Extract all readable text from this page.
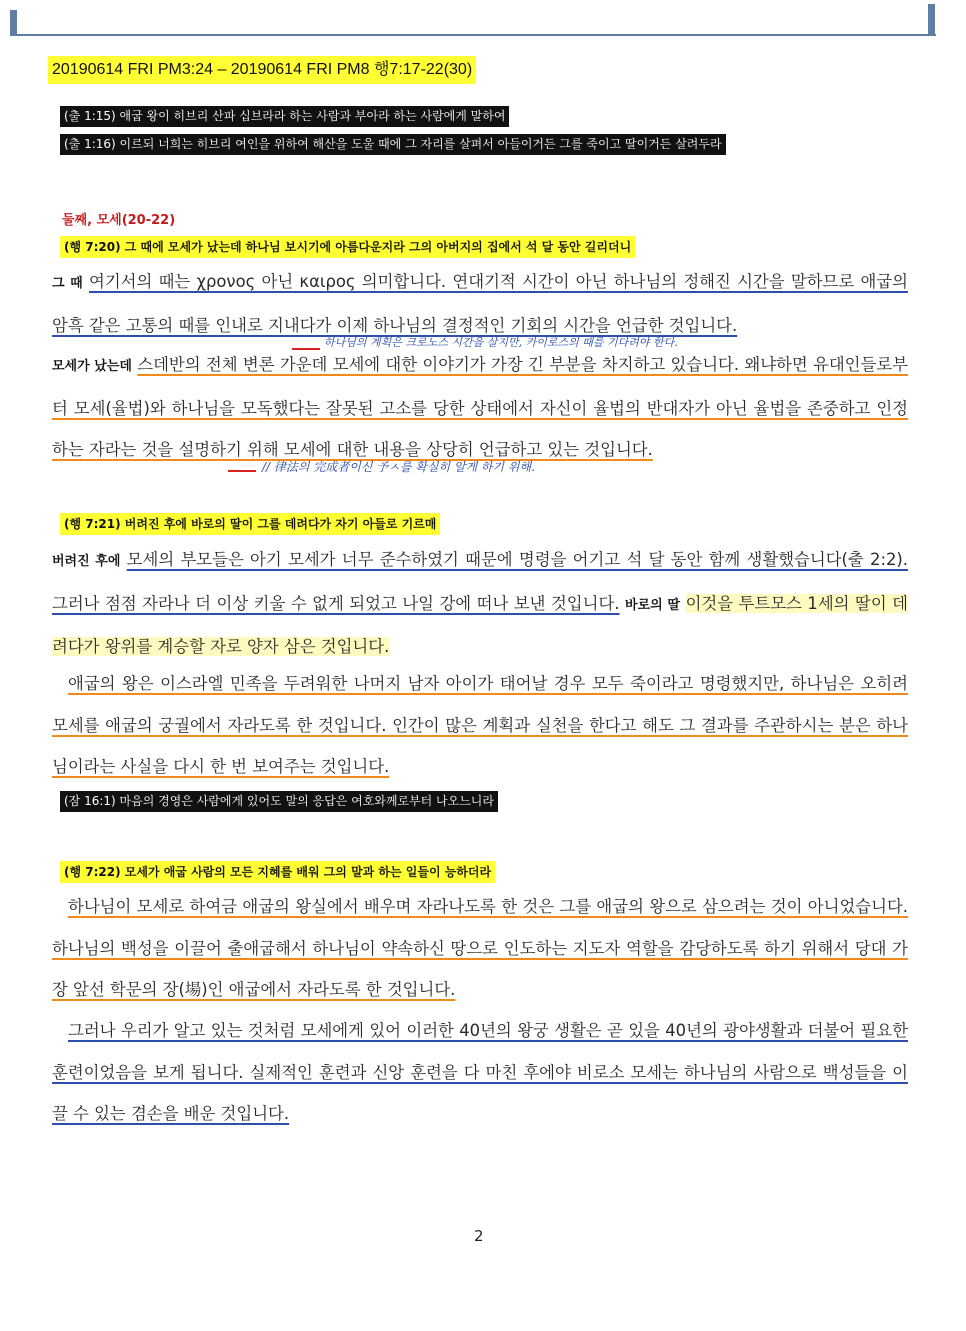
20190614 FRI PM3:24 – 20190614 FRI PM8 행7:17-22(30)
(출 1:15) 애굽 왕이 히브리 산파 십브라라 하는 사람과 부아라 하는 사람에게 말하여
(출 1:16) 이르되 너희는 히브리 여인을 위하여 해산을 도울 때에 그 자리를 살펴서 아들이거든 그를 죽이고 딸이거든 살려두라
둘째, 모세(20-22)
(행 7:20) 그 때에 모세가 났는데 하나님 보시기에 아름다운지라 그의 아버지의 집에서 석 달 동안 길리더니
그 때 여기서의 때는 χρονος 아닌 καιρος 의미합니다. 연대기적 시간이 아닌 하나님의 정해진 시간을 말하므로 애굽의 암흑 같은 고통의 때를 인내로 지내다가 이제 하나님의 결정적인 기회의 시간을 언급한 것입니다.
하나님의 계획은 크로노스 시간을 살지만, 카이로스의 때를 기다려야 한다.
모세가 났는데 스데반의 전체 변론 가운데 모세에 대한 이야기가 가장 긴 부분을 차지하고 있습니다. 왜냐하면 유대인들로부터 모세(율법)와 하나님을 모독했다는 잘못된 고소를 당한 상태에서 자신이 율법의 반대자가 아닌 율법을 존중하고 인정하는 자라는 것을 설명하기 위해 모세에 대한 내용을 상당히 언급하고 있는 것입니다.
// 律法의 完成者이신 予ㅅ를 확실히 알게 하기 위해.
(행 7:21) 버려진 후에 바로의 딸이 그를 데려다가 자기 아들로 기르매
버려진 후에 모세의 부모들은 아기 모세가 너무 준수하였기 때문에 명령을 어기고 석 달 동안 함께 생활했습니다(출 2:2). 그러나 점점 자라나 더 이상 키울 수 없게 되었고 나일 강에 떠나 보낸 것입니다. 바로의 딸 이것을 투트모스 1세의 딸이 데려다가 왕위를 계승할 자로 양자 삼은 것입니다.
애굽의 왕은 이스라엘 민족을 두려워한 나머지 남자 아이가 태어날 경우 모두 죽이라고 명령했지만, 하나님은 오히려 모세를 애굽의 궁궐에서 자라도록 한 것입니다. 인간이 많은 계획과 실천을 한다고 해도 그 결과를 주관하시는 분은 하나님이라는 사실을 다시 한 번 보여주는 것입니다.
(잠 16:1) 마음의 경영은 사람에게 있어도 말의 응답은 여호와께로부터 나오느니라
(행 7:22) 모세가 애굽 사람의 모든 지혜를 배워 그의 말과 하는 일들이 능하더라
하나님이 모세로 하여금 애굽의 왕실에서 배우며 자라나도록 한 것은 그를 애굽의 왕으로 삼으려는 것이 아니었습니다. 하나님의 백성을 이끌어 출애굽해서 하나님이 약속하신 땅으로 인도하는 지도자 역할을 감당하도록 하기 위해서 당대 가장 앞선 학문의 장(場)인 애굽에서 자라도록 한 것입니다.
그러나 우리가 알고 있는 것처럼 모세에게 있어 이러한 40년의 왕궁 생활은 곧 있을 40년의 광야생활과 더불어 필요한 훈련이었음을 보게 됩니다. 실제적인 훈련과 신앙 훈련을 다 마친 후에야 비로소 모세는 하나님의 사람으로 백성들을 이끌 수 있는 겸손을 배운 것입니다.
2
